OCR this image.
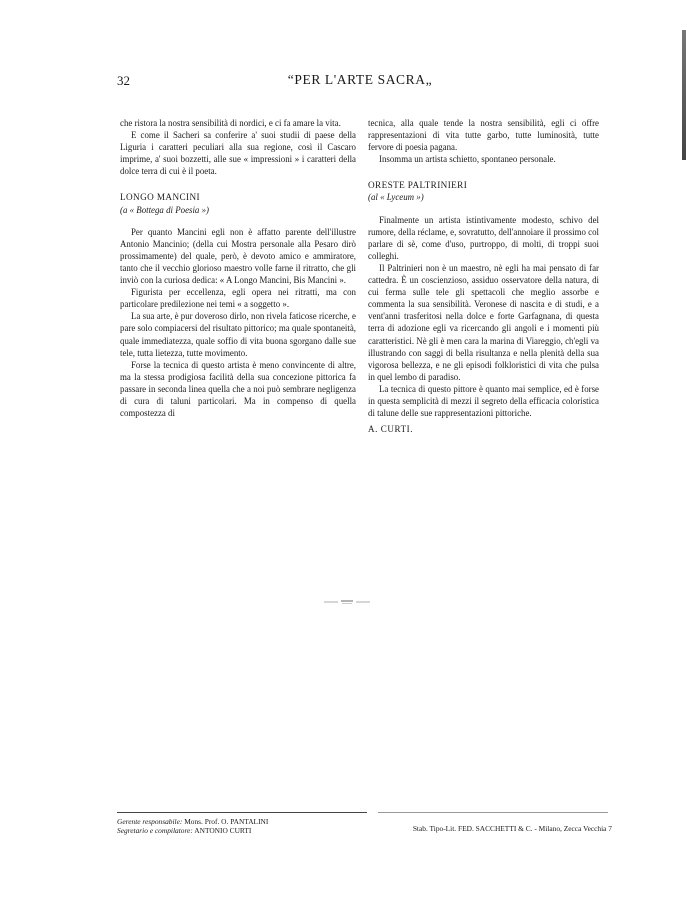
32	“PER L'ARTE SACRA„

che ristora la nostra sensibilità di nordici, e ci fa amare la vita.

E come il Sacheri sa conferire a' suoi studii di paese della Liguria i caratteri peculiari alla sua regione, così il Cascaro imprime, a' suoi bozzetti, alle sue « impressioni » i caratteri della dolce terra di cui è il poeta.

LONGO MANCINI

(a « Bottega di Poesia »)

Per quanto Mancini egli non è affatto parente dell'illustre Antonio Mancinio; (della cui Mostra personale alla Pesaro dirò prossimamente) del quale, però, è devoto amico e ammiratore, tanto che il vecchio glorioso maestro volle farne il ritratto, che gli inviò con la curiosa dedica: « A Longo Mancini, Bis Mancini ».

Figurista per eccellenza, egli opera nei ritratti, ma con particolare predilezione nei temi « a soggetto ».

La sua arte, è pur doveroso dirlo, non rivela faticose ricerche, e pare solo compiacersi del risultato pittorico; ma quale spontaneità, quale immediatezza, quale soffio di vita buona sgorgano dalle sue tele, tutta lietezza, tutte movimento.

Forse la tecnica di questo artista è meno convincente di altre, ma la stessa prodigiosa facilità della sua concezione pittorica fa passare in seconda linea quella che a noi può sembrare negligenza di cura di taluni particolari. Ma in compenso di quella compostezza di

tecnica, alla quale tende la nostra sensibilità, egli ci offre rappresentazioni di vita tutte garbo, tutte luminosità, tutte fervore di poesia pagana.

Insomma un artista schietto, spontaneo personale.

ORESTE PALTRINIERI

(al « Lyceum »)

Finalmente un artista istintivamente modesto, schivo del rumore, della réclame, e, sovratutto, dell'annoiare il prossimo col parlare di sè, come d'uso, purtroppo, di molti, di troppi suoi colleghi.

Il Paltrinieri non è un maestro, nè egli ha mai pensato di far cattedra. È un coscienzioso, assiduo osservatore della natura, di cui ferma sulle tele gli spettacoli che meglio assorbe e commenta la sua sensibilità. Veronese di nascita e di studi, e a vent'anni trasferitosi nella dolce e forte Garfagnana, di questa terra di adozione egli va ricercando gli angoli e i momenti più caratteristici. Nè gli è men cara la marina di Viareggio, ch'egli va illustrando con saggi di bella risultanza e nella plenità della sua vigorosa bellezza, e ne gli episodi folkloristici di vita che pulsa in quel lembo di paradiso.

La tecnica di questo pittore è quanto mai semplice, ed è forse in questa semplicità di mezzi il segreto della efficacia coloristica di talune delle sue rappresentazioni pittoriche.

A. CURTI.

Gerente responsabile: Mons. Prof. O. PANTALINI
Segretario e compilatore: ANTONIO CURTI	Stab. Tipo-Lit. FED. SACCHETTI & C. - Milano, Zecca Vecchia 7
